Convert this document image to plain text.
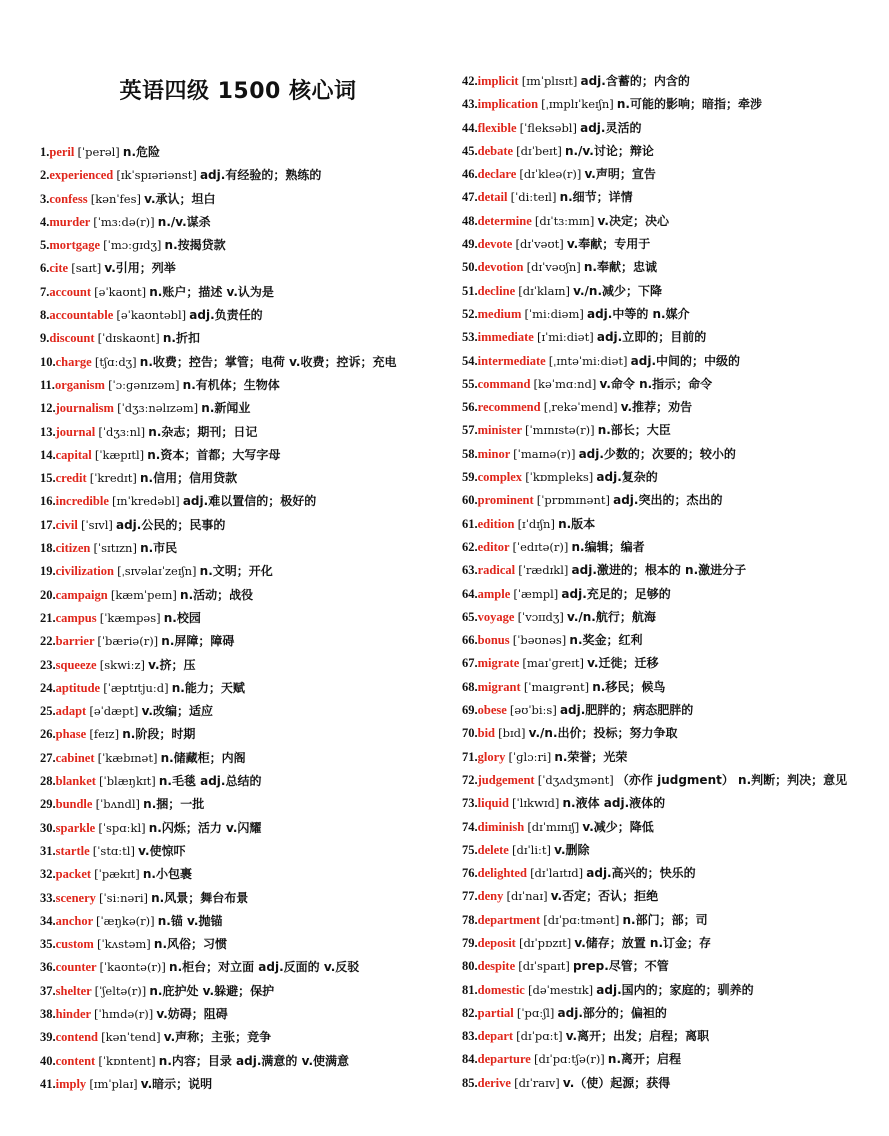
英语四级 1500 核心词
1.peril [ˈperəl] n.危险
2.experienced [ɪkˈspɪəriənst] adj.有经验的；熟练的
3.confess [kənˈfes] v.承认；坦白
4.murder [ˈmɜːdə(r)] n./v.谋杀
5.mortgage [ˈmɔːɡɪdʒ] n.按揭贷款
6.cite [saɪt] v.引用；列举
7.account [əˈkaʊnt] n.账户；描述 v.认为是
8.accountable [əˈkaʊntəbl] adj.负责任的
9.discount [ˈdɪskaʊnt] n.折扣
10.charge [tʃɑːdʒ] n.收费；控告；掌管；电荷 v.收费；控诉；充电
11.organism [ˈɔːɡənɪzəm] n.有机体；生物体
12.journalism [ˈdʒɜːnəlɪzəm] n.新闻业
13.journal [ˈdʒɜːnl] n.杂志；期刊；日记
14.capital [ˈkæpɪtl] n.资本；首都；大写字母
15.credit [ˈkredɪt] n.信用；信用贷款
16.incredible [ɪnˈkredəbl] adj.难以置信的；极好的
17.civil [ˈsɪvl] adj.公民的；民事的
18.citizen [ˈsɪtɪzn] n.市民
19.civilization [ˌsɪvəlaɪˈzeɪʃn] n.文明；开化
20.campaign [kæmˈpeɪn] n.活动；战役
21.campus [ˈkæmpəs] n.校园
22.barrier [ˈbæriə(r)] n.屏障；障碍
23.squeeze [skwiːz] v.挤；压
24.aptitude [ˈæptɪtjuːd] n.能力；天赋
25.adapt [əˈdæpt] v.改编；适应
26.phase [feɪz] n.阶段；时期
27.cabinet [ˈkæbɪnət] n.储藏柜；内阁
28.blanket [ˈblæŋkɪt] n.毛毯 adj.总结的
29.bundle [ˈbʌndl] n.捆；一批
30.sparkle [ˈspɑːkl] n.闪烁；活力 v.闪耀
31.startle [ˈstɑːtl] v.使惊吓
32.packet [ˈpækɪt] n.小包裹
33.scenery [ˈsiːnəri] n.风景；舞台布景
34.anchor [ˈæŋkə(r)] n.锚 v.抛锚
35.custom [ˈkʌstəm] n.风俗；习惯
36.counter [ˈkaʊntə(r)] n.柜台；对立面 adj.反面的 v.反驳
37.shelter [ˈʃeltə(r)] n.庇护处 v.躲避；保护
38.hinder [ˈhɪndə(r)] v.妨碍；阻碍
39.contend [kənˈtend] v.声称；主张；竞争
40.content [ˈkɒntent] n.内容；目录 adj.满意的 v.使满意
41.imply [ɪmˈplaɪ] v.暗示；说明
42.implicit [ɪmˈplɪsɪt] adj.含蓄的；内含的
43.implication [ˌɪmplɪˈkeɪʃn] n.可能的影响；暗指；牵涉
44.flexible [ˈfleksəbl] adj.灵活的
45.debate [dɪˈbeɪt] n./v.讨论；辩论
46.declare [dɪˈkleə(r)] v.声明；宣告
47.detail [ˈdiːteɪl] n.细节；详情
48.determine [dɪˈtɜːmɪn] v.决定；决心
49.devote [dɪˈvəʊt] v.奉献；专用于
50.devotion [dɪˈvəʊʃn] n.奉献；忠诚
51.decline [dɪˈklaɪn] v./n.减少；下降
52.medium [ˈmiːdiəm] adj.中等的 n.媒介
53.immediate [ɪˈmiːdiət] adj.立即的；目前的
54.intermediate [ˌɪntəˈmiːdiət] adj.中间的；中级的
55.command [kəˈmɑːnd] v.命令 n.指示；命令
56.recommend [ˌrekəˈmend] v.推荐；劝告
57.minister [ˈmɪnɪstə(r)] n.部长；大臣
58.minor [ˈmaɪnə(r)] adj.少数的；次要的；较小的
59.complex [ˈkɒmpleks] adj.复杂的
60.prominent [ˈprɒmɪnənt] adj.突出的；杰出的
61.edition [ɪˈdɪʃn] n.版本
62.editor [ˈedɪtə(r)] n.编辑；编者
63.radical [ˈrædɪkl] adj.激进的；根本的 n.激进分子
64.ample [ˈæmpl] adj.充足的；足够的
65.voyage [ˈvɔɪɪdʒ] v./n.航行；航海
66.bonus [ˈbəʊnəs] n.奖金；红利
67.migrate [maɪˈɡreɪt] v.迁徙；迁移
68.migrant [ˈmaɪɡrənt] n.移民；候鸟
69.obese [əʊˈbiːs] adj.肥胖的；病态肥胖的
70.bid [bɪd] v./n.出价；投标；努力争取
71.glory [ˈɡlɔːri] n.荣誉；光荣
72.judgement [ˈdʒʌdʒmənt] （亦作 judgment） n.判断；判决；意见
73.liquid [ˈlɪkwɪd] n.液体 adj.液体的
74.diminish [dɪˈmɪnɪʃ] v.减少；降低
75.delete [dɪˈliːt] v.删除
76.delighted [dɪˈlaɪtɪd] adj.高兴的；快乐的
77.deny [dɪˈnaɪ] v.否定；否认；拒绝
78.department [dɪˈpɑːtmənt] n.部门；部；司
79.deposit [dɪˈpɒzɪt] v.储存；放置 n.订金；存
80.despite [dɪˈspaɪt] prep.尽管；不管
81.domestic [dəˈmestɪk] adj.国内的；家庭的；驯养的
82.partial [ˈpɑːʃl] adj.部分的；偏袒的
83.depart [dɪˈpɑːt] v.离开；出发；启程；离职
84.departure [dɪˈpɑːtʃə(r)] n.离开；启程
85.derive [dɪˈraɪv] v.（使）起源；获得
